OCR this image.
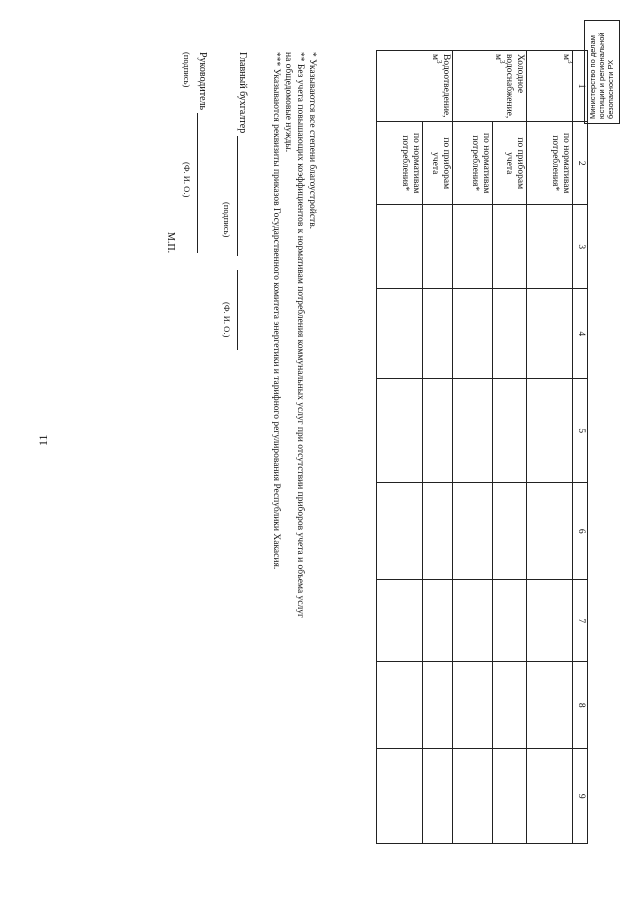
11
Министерство по делам юстиции и региональной безопасности РХ
1	2	3	4	5	6	7	8	9
$м^3$	по нормативам потребления*							
Холодное водоснабжение, $м^3$	по приборам учета							
	по нормативам потребления*							
Водоотведение, $м^3$	по приборам учета							
	по нормативам потребления*							

* Указываются все степени благоустройств.

** Без учета повышающих коэффициентов к нормативам потребления коммунальных услуг при отсутствии приборов учета и объема услуг

на общедомовые нужды.

*** Указываются реквизиты приказов Государственного комитета энергетики и тарифного регулирования Республики Хакасия.

Главный бухгалтер
(подпись)
(Ф. И. О.)
Руководитель
(подпись)
(Ф. И. О.)
М.П.
